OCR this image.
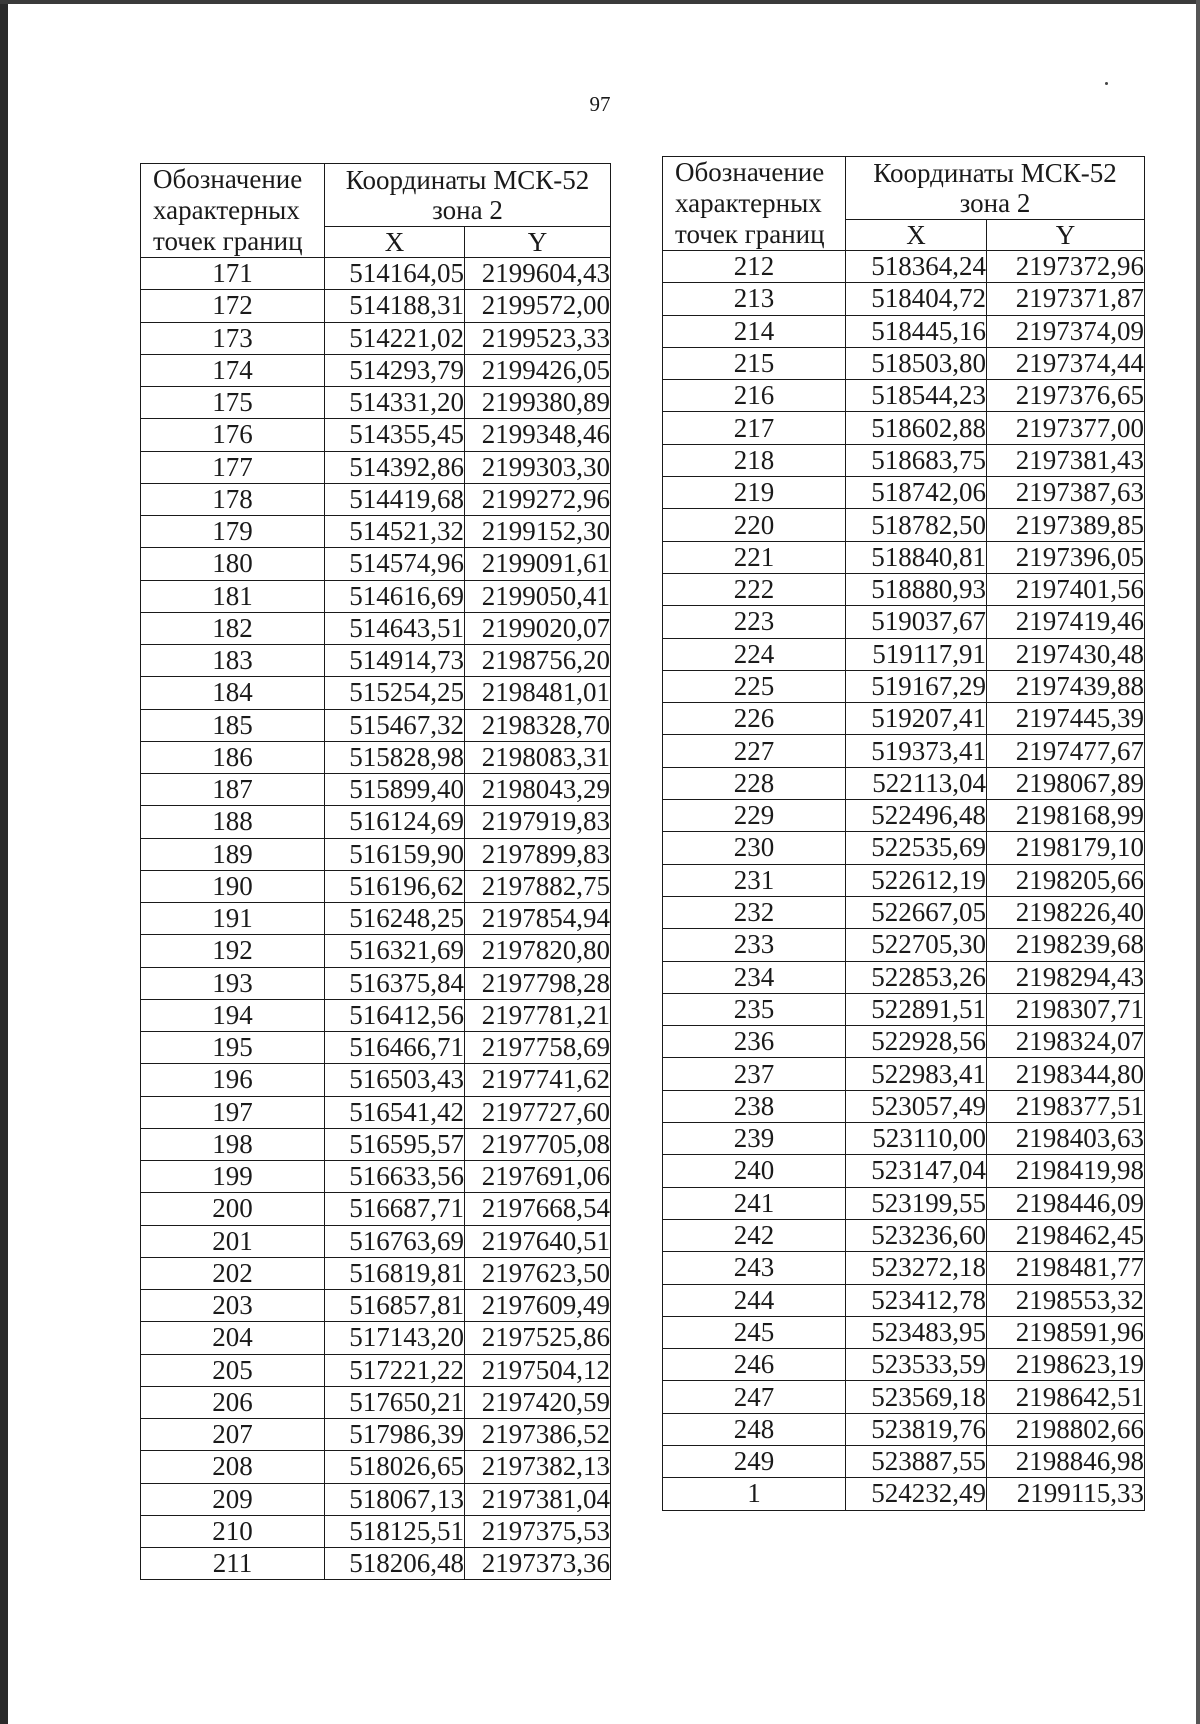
97
Обозначение
характерных
точек границ	Координаты МСК-52
зона 2	

	X	Y
171	514164,05	2199604,43
172	514188,31	2199572,00
173	514221,02	2199523,33
174	514293,79	2199426,05
175	514331,20	2199380,89
176	514355,45	2199348,46
177	514392,86	2199303,30
178	514419,68	2199272,96
179	514521,32	2199152,30
180	514574,96	2199091,61
181	514616,69	2199050,41
182	514643,51	2199020,07
183	514914,73	2198756,20
184	515254,25	2198481,01
185	515467,32	2198328,70
186	515828,98	2198083,31
187	515899,40	2198043,29
188	516124,69	2197919,83
189	516159,90	2197899,83
190	516196,62	2197882,75
191	516248,25	2197854,94
192	516321,69	2197820,80
193	516375,84	2197798,28
194	516412,56	2197781,21
195	516466,71	2197758,69
196	516503,43	2197741,62
197	516541,42	2197727,60
198	516595,57	2197705,08
199	516633,56	2197691,06
200	516687,71	2197668,54
201	516763,69	2197640,51
202	516819,81	2197623,50
203	516857,81	2197609,49
204	517143,20	2197525,86
205	517221,22	2197504,12
206	517650,21	2197420,59
207	517986,39	2197386,52
208	518026,65	2197382,13
209	518067,13	2197381,04
210	518125,51	2197375,53
211	518206,48	2197373,36
Обозначение
характерных
точек границ	Координаты МСК-52
зона 2	

	X	Y
212	518364,24	2197372,96
213	518404,72	2197371,87
214	518445,16	2197374,09
215	518503,80	2197374,44
216	518544,23	2197376,65
217	518602,88	2197377,00
218	518683,75	2197381,43
219	518742,06	2197387,63
220	518782,50	2197389,85
221	518840,81	2197396,05
222	518880,93	2197401,56
223	519037,67	2197419,46
224	519117,91	2197430,48
225	519167,29	2197439,88
226	519207,41	2197445,39
227	519373,41	2197477,67
228	522113,04	2198067,89
229	522496,48	2198168,99
230	522535,69	2198179,10
231	522612,19	2198205,66
232	522667,05	2198226,40
233	522705,30	2198239,68
234	522853,26	2198294,43
235	522891,51	2198307,71
236	522928,56	2198324,07
237	522983,41	2198344,80
238	523057,49	2198377,51
239	523110,00	2198403,63
240	523147,04	2198419,98
241	523199,55	2198446,09
242	523236,60	2198462,45
243	523272,18	2198481,77
244	523412,78	2198553,32
245	523483,95	2198591,96
246	523533,59	2198623,19
247	523569,18	2198642,51
248	523819,76	2198802,66
249	523887,55	2198846,98
1	524232,49	2199115,33
